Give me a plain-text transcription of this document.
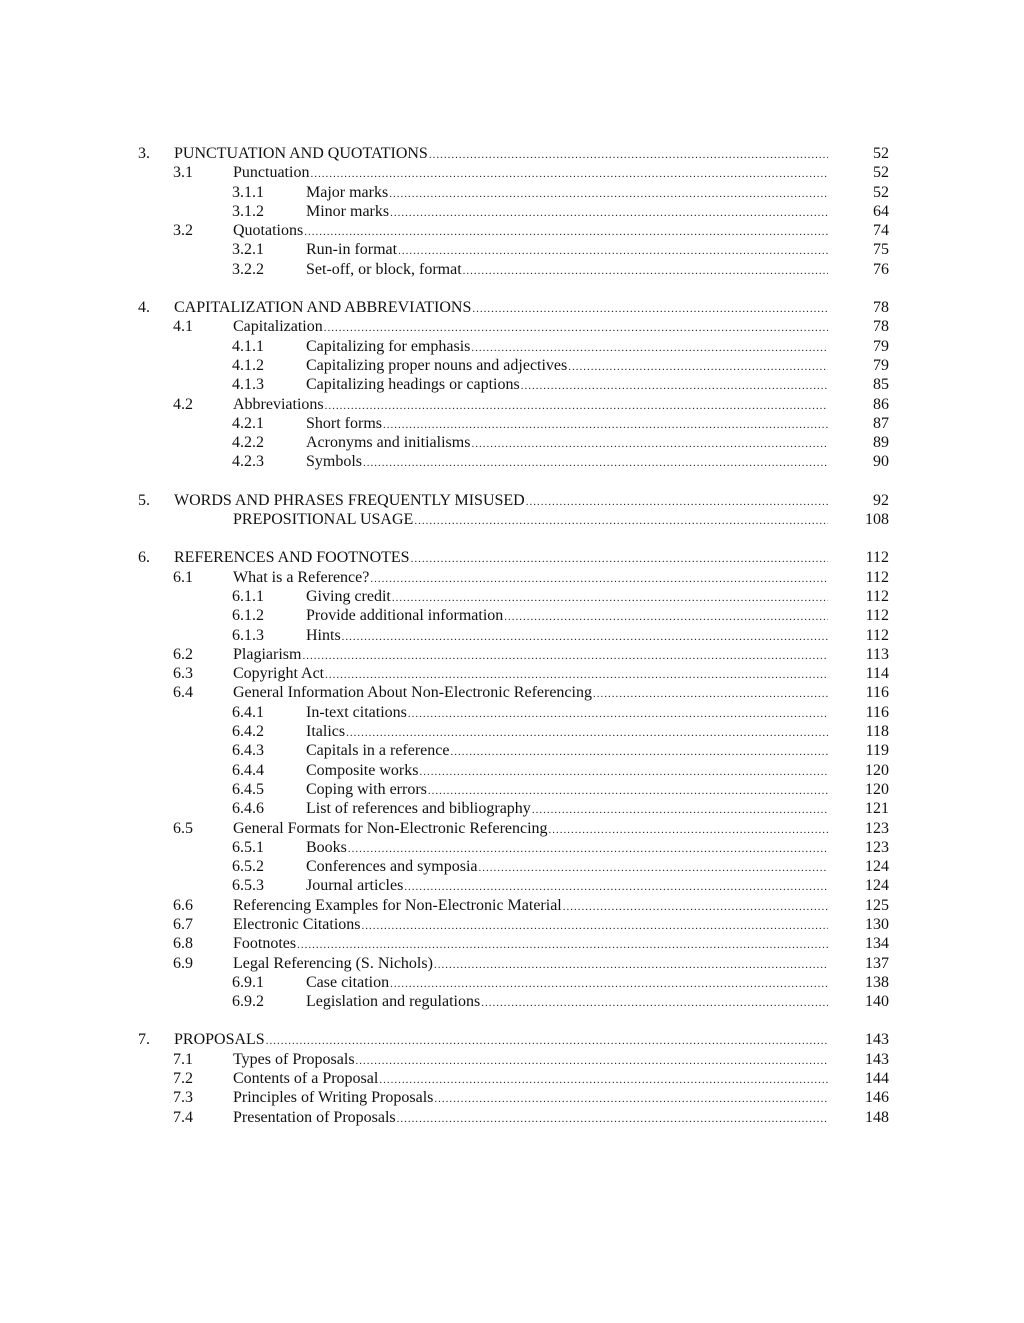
3. PUNCTUATION AND QUOTATIONS .....	52
3.1	Punctuation .....	52
3.1.1	Major marks .....	52
3.1.2	Minor marks .....	64
3.2	Quotations .....	74
3.2.1	Run-in format .....	75
3.2.2	Set-off, or block, format .....	76
4. CAPITALIZATION AND ABBREVIATIONS .....	78
4.1	Capitalization .....	78
4.1.1	Capitalizing for emphasis .....	79
4.1.2	Capitalizing proper nouns and adjectives .....	79
4.1.3	Capitalizing headings or captions .....	85
4.2	Abbreviations .....	86
4.2.1	Short forms .....	87
4.2.2	Acronyms and initialisms .....	89
4.2.3	Symbols .....	90
5. WORDS AND PHRASES FREQUENTLY MISUSED .....	92
PREPOSITIONAL USAGE .....	108
6. REFERENCES AND FOOTNOTES .....	112
6.1	What is a Reference? .....	112
6.1.1	Giving credit .....	112
6.1.2	Provide additional information .....	112
6.1.3	Hints .....	112
6.2	Plagiarism .....	113
6.3	Copyright Act .....	114
6.4	General Information About Non-Electronic Referencing .....	116
6.4.1	In-text citations .....	116
6.4.2	Italics .....	118
6.4.3	Capitals in a reference .....	119
6.4.4	Composite works .....	120
6.4.5	Coping with errors .....	120
6.4.6	List of references and bibliography .....	121
6.5	General Formats for Non-Electronic Referencing .....	123
6.5.1	Books .....	123
6.5.2	Conferences and symposia .....	124
6.5.3	Journal articles .....	124
6.6	Referencing Examples for Non-Electronic Material .....	125
6.7	Electronic Citations .....	130
6.8	Footnotes .....	134
6.9	Legal Referencing (S. Nichols) .....	137
6.9.1	Case citation .....	138
6.9.2	Legislation and regulations .....	140
7. PROPOSALS .....	143
7.1	Types of Proposals .....	143
7.2	Contents of a Proposal .....	144
7.3	Principles of Writing Proposals .....	146
7.4	Presentation of Proposals .....	148
